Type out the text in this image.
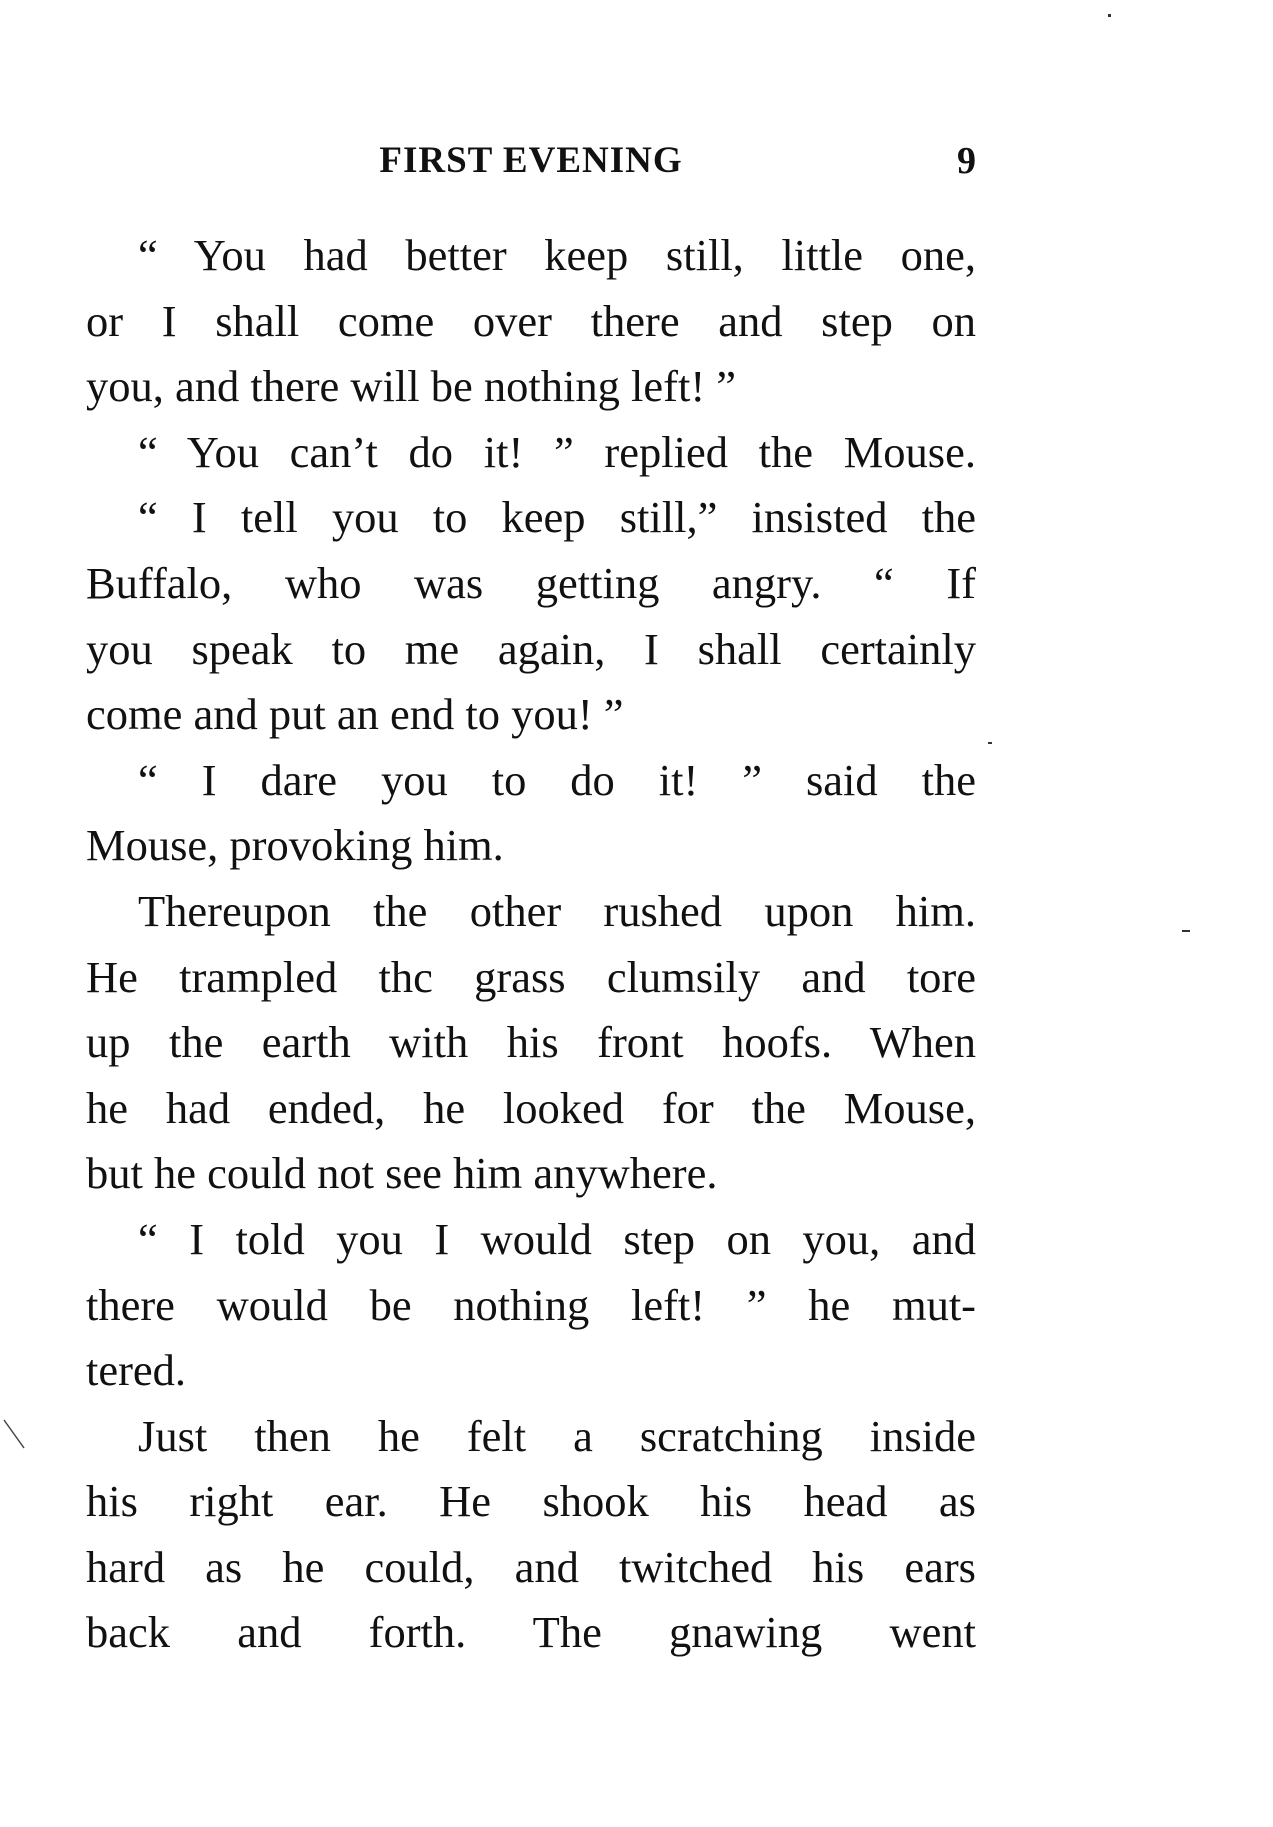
FIRST EVENING	9
“ You had better keep still, little one,
or I shall come over there and step on
you, and there will be nothing left! ”
“ You can’t do it! ” replied the Mouse.
“ I tell you to keep still,” insisted the
Buffalo, who was getting angry. “ If
you speak to me again, I shall certainly
come and put an end to you! ”
“ I dare you to do it! ” said the
Mouse, provoking him.
Thereupon the other rushed upon him.
He trampled thc grass clumsily and tore
up the earth with his front hoofs. When
he had ended, he looked for the Mouse,
but he could not see him anywhere.
“ I told you I would step on you, and
there would be nothing left! ” he mut-
tered.
Just then he felt a scratching inside
his right ear. He shook his head as
hard as he could, and twitched his ears
back and forth. The gnawing went
